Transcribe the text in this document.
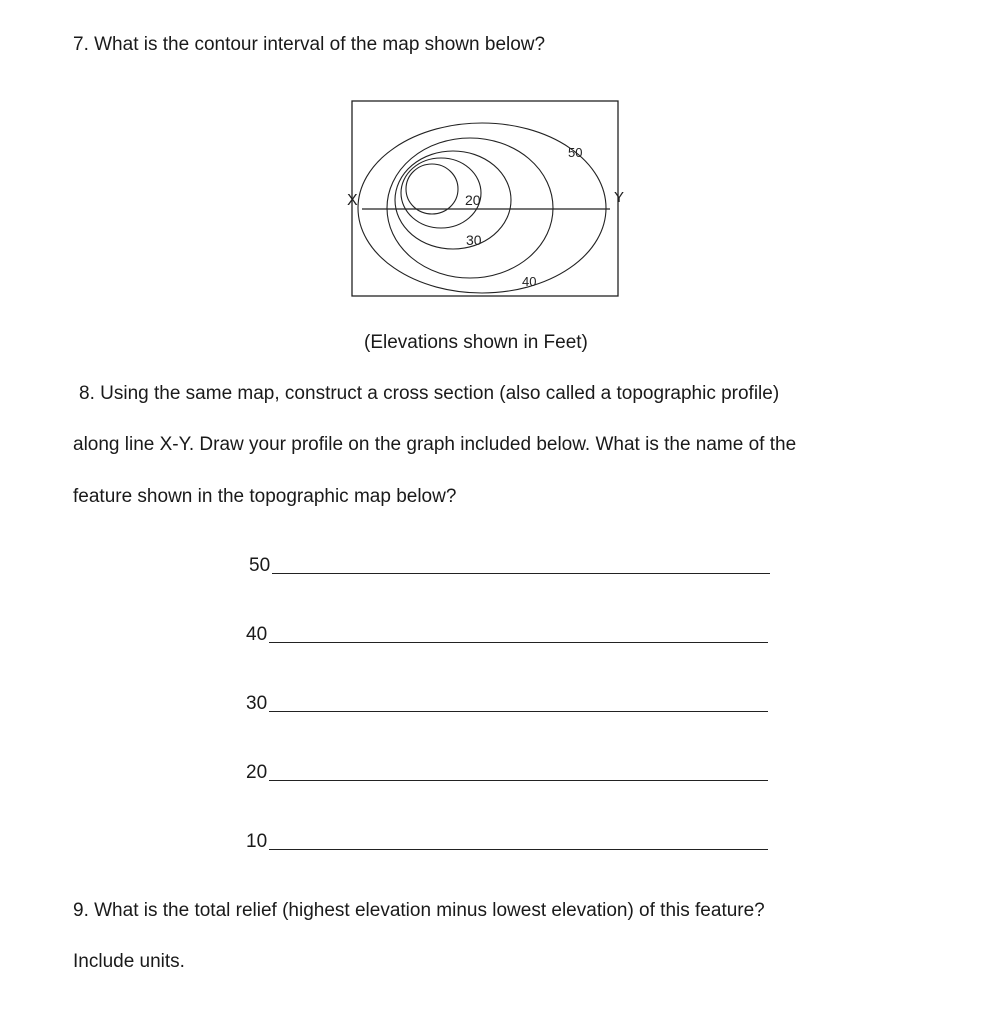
7. What is the contour interval of the map shown below?
X	Y
20
30
40
50
(Elevations shown in Feet)
8. Using the same map, construct a cross section (also called a topographic profile)
along line X-Y. Draw your profile on the graph included below. What is the name of the
feature shown in the topographic map below?
50
40
30
20
10
9. What is the total relief (highest elevation minus lowest elevation) of this feature?
Include units.
